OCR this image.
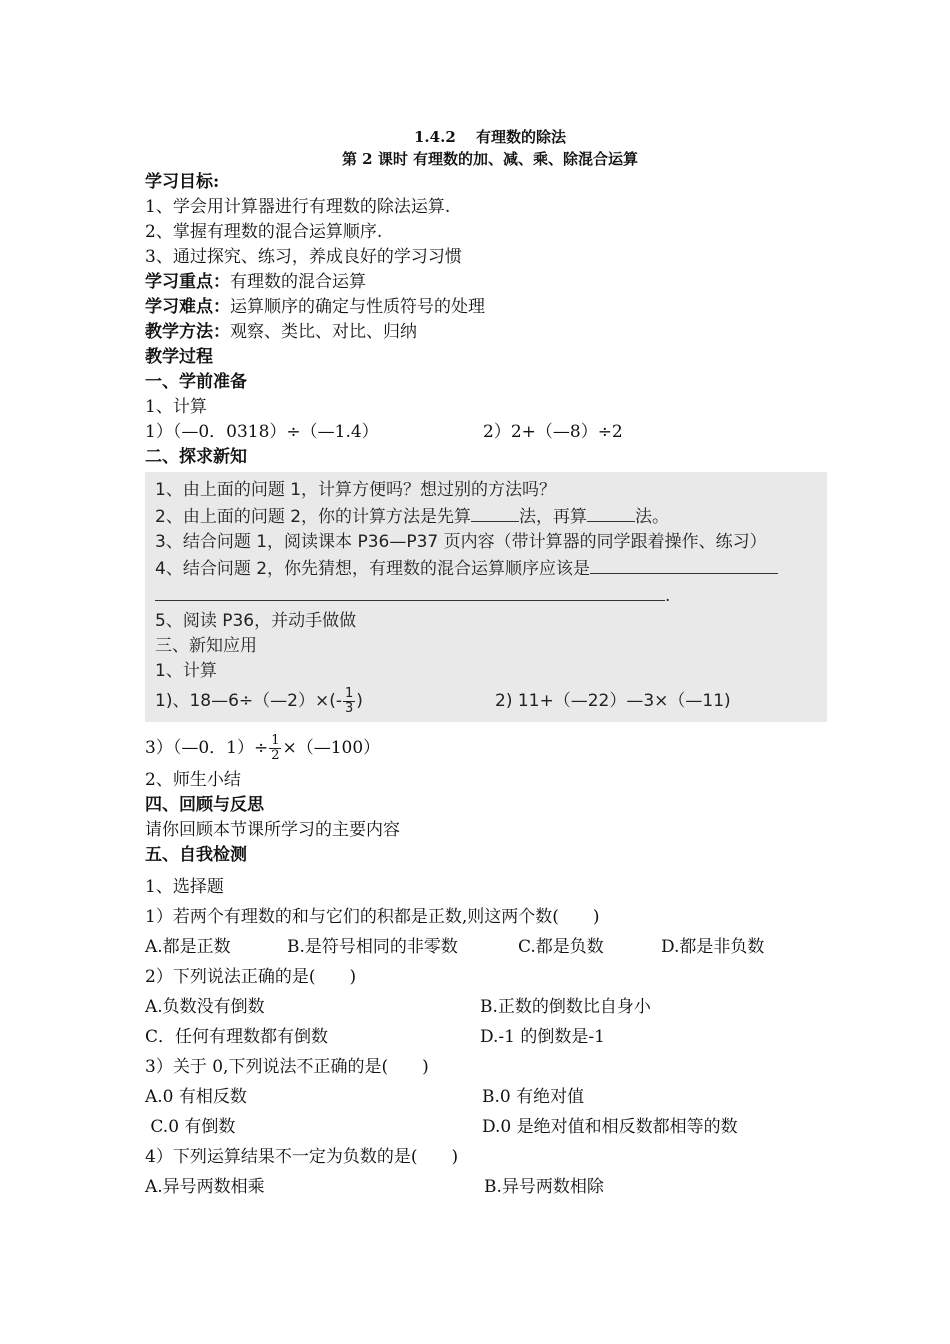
1.4.2　 有理数的除法
第 2 课时 有理数的加、减、乘、除混合运算
学习目标:
1、学会用计算器进行有理数的除法运算.
2、掌握有理数的混合运算顺序.
3、通过探究、练习，养成良好的学习习惯
学习重点：有理数的混合运算
学习难点：运算顺序的确定与性质符号的处理
教学方法：观察、类比、对比、归纳
教学过程
一、学前准备
1、计算
1）（—0．0318）÷（—1.4）	2）2+（—8）÷2
二、探求新知
1、由上面的问题 1，计算方便吗？想过别的方法吗？
2、由上面的问题 2，你的计算方法是先算	法，再算	法。
3、结合问题 1，阅读课本 P36—P37 页内容（带计算器的同学跟着操作、练习）
4、结合问题 2，你先猜想，有理数的混合运算顺序应该是
.
5、阅读 P36，并动手做做
三、新知应用
1、计算
1)、18—6÷（—2）×(- $\frac{1}{3}$ )	2) 11+（—22）—3×（—11)
3）（—0．$1)\div \frac{1}{2}$ ×（—100）
2、师生小结
四、回顾与反思
请你回顾本节课所学习的主要内容
五、自我检测
1、选择题
1）若两个有理数的和与它们的积都是正数,则这两个数(　　)
A.都是正数	B.是符号相同的非零数	C.都是负数	D.都是非负数
2）下列说法正确的是(　　)
A.负数没有倒数	B.正数的倒数比自身小
C．任何有理数都有倒数	D.-1 的倒数是-1
3）关于 0,下列说法不正确的是(　　)
A.0 有相反数	B.0 有绝对值
C.0 有倒数	D.0 是绝对值和相反数都相等的数
4）下列运算结果不一定为负数的是(　　)
A.异号两数相乘	B.异号两数相除
